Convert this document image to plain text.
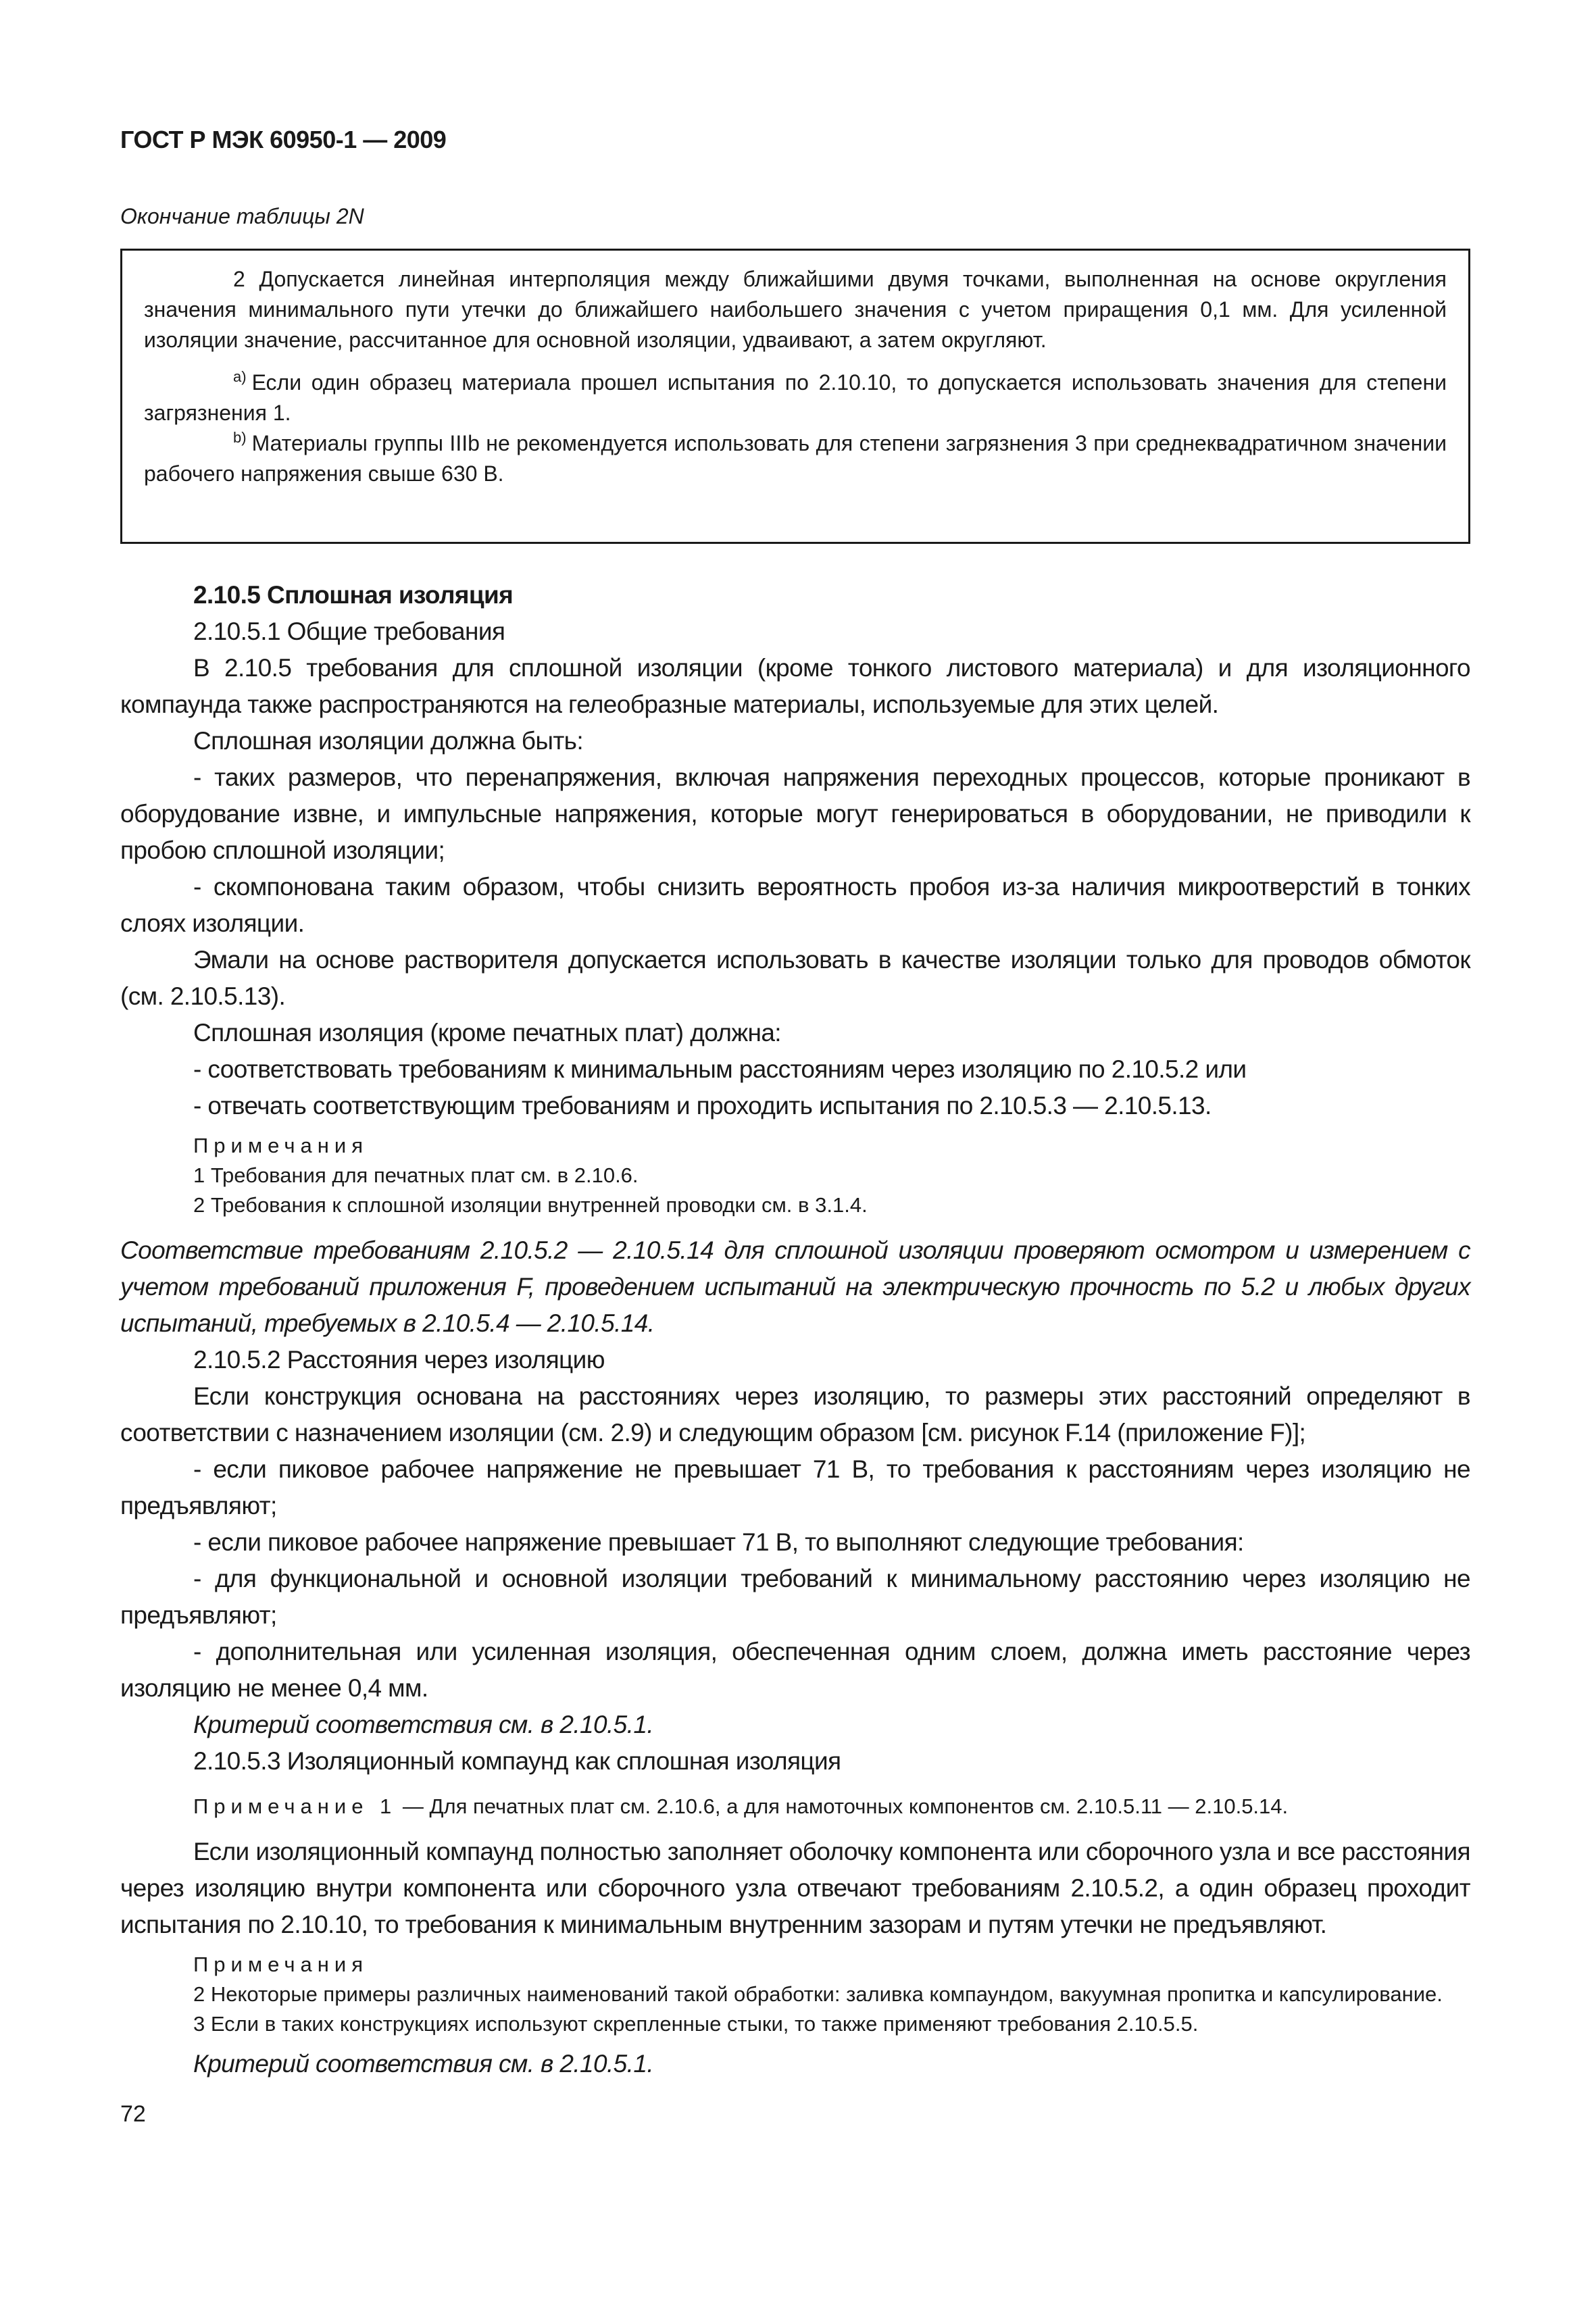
ГОСТ Р МЭК 60950-1 — 2009
Окончание таблицы 2N

2 Допускается линейная интерполяция между ближайшими двумя точками, выполненная на основе округления значения минимального пути утечки до ближайшего наибольшего значения с учетом приращения 0,1 мм. Для усиленной изоляции значение, рассчитанное для основной изоляции, удваивают, а затем округляют.

$^{a)}$ Если один образец материала прошел испытания по 2.10.10, то допускается использовать значения для степени загрязнения 1.

$^{b)}$ Материалы группы IIIb не рекомендуется использовать для степени загрязнения 3 при среднеквадратичном значении рабочего напряжения свыше 630 В.

2.10.5 Сплошная изоляция

2.10.5.1 Общие требования

В 2.10.5 требования для сплошной изоляции (кроме тонкого листового материала) и для изоляционного компаунда также распространяются на гелеобразные материалы, используемые для этих целей.

Сплошная изоляции должна быть:

- таких размеров, что перенапряжения, включая напряжения переходных процессов, которые проникают в оборудование извне, и импульсные напряжения, которые могут генерироваться в оборудовании, не приводили к пробою сплошной изоляции;

- скомпонована таким образом, чтобы снизить вероятность пробоя из-за наличия микроотверстий в тонких слоях изоляции.

Эмали на основе растворителя допускается использовать в качестве изоляции только для проводов обмоток (см. 2.10.5.13).

Сплошная изоляция (кроме печатных плат) должна:

- соответствовать требованиям к минимальным расстояниям через изоляцию по 2.10.5.2 или

- отвечать соответствующим требованиям и проходить испытания по 2.10.5.3 — 2.10.5.13.

Примечания

1 Требования для печатных плат см. в 2.10.6.

2 Требования к сплошной изоляции внутренней проводки см. в 3.1.4.

Соответствие требованиям 2.10.5.2 — 2.10.5.14 для сплошной изоляции проверяют осмотром и измерением с учетом требований приложения F, проведением испытаний на электрическую прочность по 5.2 и любых других испытаний, требуемых в 2.10.5.4 — 2.10.5.14.

2.10.5.2 Расстояния через изоляцию

Если конструкция основана на расстояниях через изоляцию, то размеры этих расстояний определяют в соответствии с назначением изоляции (см. 2.9) и следующим образом [см. рисунок F.14 (приложение F)];

- если пиковое рабочее напряжение не превышает 71 В, то требования к расстояниям через изоляцию не предъявляют;

- если пиковое рабочее напряжение превышает 71 В, то выполняют следующие требования:

- для функциональной и основной изоляции требований к минимальному расстоянию через изоляцию не предъявляют;

- дополнительная или усиленная изоляция, обеспеченная одним слоем, должна иметь расстояние через изоляцию не менее 0,4 мм.

Критерий соответствия см. в 2.10.5.1.

2.10.5.3 Изоляционный компаунд как сплошная изоляция

Примечание 1 — Для печатных плат см. 2.10.6, а для намоточных компонентов см. 2.10.5.11 — 2.10.5.14.

Если изоляционный компаунд полностью заполняет оболочку компонента или сборочного узла и все расстояния через изоляцию внутри компонента или сборочного узла отвечают требованиям 2.10.5.2, а один образец проходит испытания по 2.10.10, то требования к минимальным внутренним зазорам и путям утечки не предъявляют.

Примечания

2 Некоторые примеры различных наименований такой обработки: заливка компаундом, вакуумная пропитка и капсулирование.

3 Если в таких конструкциях используют скрепленные стыки, то также применяют требования 2.10.5.5.

Критерий соответствия см. в 2.10.5.1.

72
